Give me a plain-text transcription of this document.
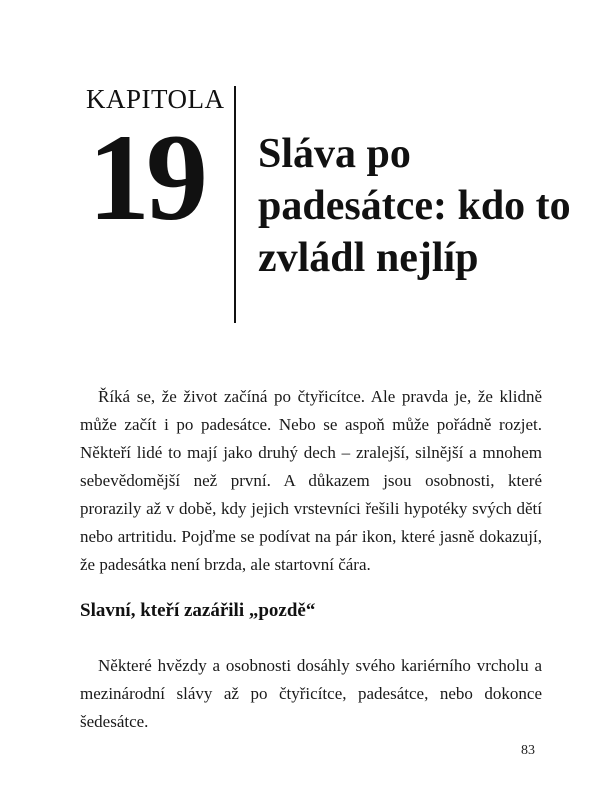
KAPITOLA
19 Sláva po padesátce: kdo to zvládl nejlíp

Říká se, že život začíná po čtyřicítce. Ale pravda je, že klidně může začít i po padesátce. Nebo se aspoň může pořádně rozjet. Někteří lidé to mají jako druhý dech – zralejší, silnější a mnohem sebevědomější než první. A důkazem jsou osobnosti, které prorazily až v době, kdy jejich vrstevníci řešili hypotéky svých dětí nebo artritidu. Pojďme se podívat na pár ikon, které jasně dokazují, že padesátka není brzda, ale startovní čára.

Slavní, kteří zazářili „pozdě“

Některé hvězdy a osobnosti dosáhly svého kariérního vrcholu a mezinárodní slávy až po čtyřicítce, padesátce, nebo dokonce šedesátce.

83
